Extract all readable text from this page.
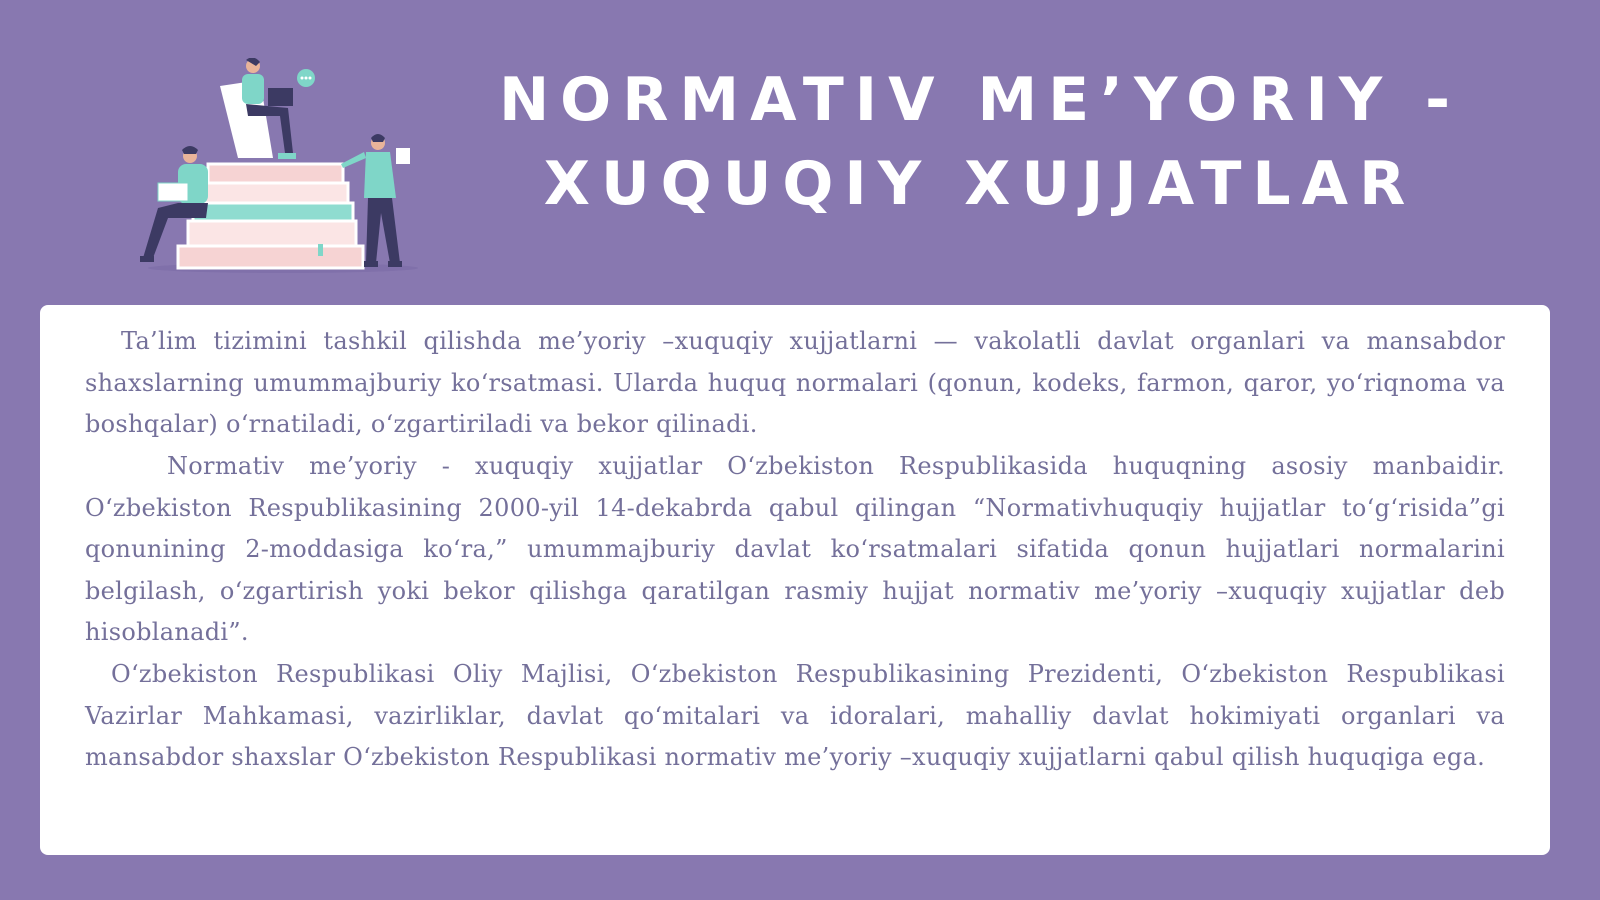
NORMATIV ME’YORIY -
XUQUQIY XUJJATLAR

Ta’lim tizimini tashkil qilishda me’yoriy –xuquqiy xujjatlarni — vakolatli davlat organlari va mansabdor shaxslarning umummajburiy koʻrsatmasi. Ularda huquq normalari (qonun, kodeks, farmon, qaror, yoʻriqnoma va boshqalar) oʻrnatiladi, oʻzgartiriladi va bekor qilinadi.

Normativ me’yoriy - xuquqiy xujjatlar Oʻzbekiston Respublikasida huquqning asosiy manbaidir. Oʻzbekiston Respublikasining 2000-yil 14-dekabrda qabul qilingan “Normativhuquqiy hujjatlar toʻgʻrisida”gi qonunining 2-moddasiga koʻra,” umummajburiy davlat koʻrsatmalari sifatida qonun hujjatlari normalarini belgilash, oʻzgartirish yoki bekor qilishga qaratilgan rasmiy hujjat normativ me’yoriy –xuquqiy xujjatlar deb hisoblanadi”.

Oʻzbekiston Respublikasi Oliy Majlisi, Oʻzbekiston Respublikasining Prezidenti, Oʻzbekiston Respublikasi Vazirlar Mahkamasi, vazirliklar, davlat qoʻmitalari va idoralari, mahalliy davlat hokimiyati organlari va mansabdor shaxslar Oʻzbekiston Respublikasi normativ me’yoriy –xuquqiy xujjatlarni qabul qilish huquqiga ega.
